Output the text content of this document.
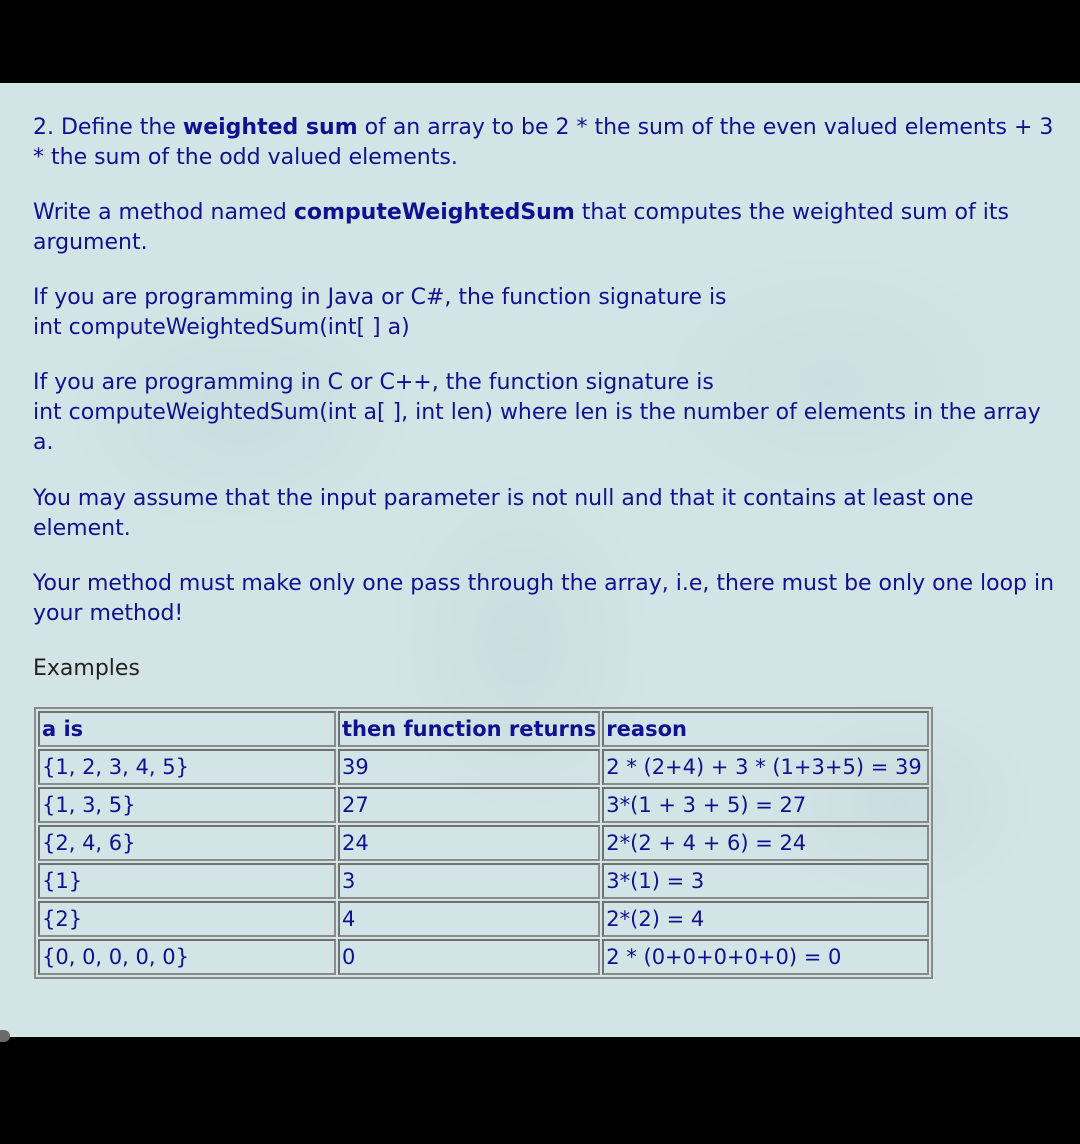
2. Define the weighted sum of an array to be 2 * the sum of the even valued elements + 3 * the sum of the odd valued elements.

Write a method named computeWeightedSum that computes the weighted sum of its argument.

If you are programming in Java or C#, the function signature is
int computeWeightedSum(int[ ] a)

If you are programming in C or C++, the function signature is
int computeWeightedSum(int a[ ], int len) where len is the number of elements in the array a.

You may assume that the input parameter is not null and that it contains at least one element.

Your method must make only one pass through the array, i.e, there must be only one loop in your method!

Examples

a is	then function returns	reason
{1, 2, 3, 4, 5}	39	2 * (2+4) + 3 * (1+3+5) = 39
{1, 3, 5}	27	3*(1 + 3 + 5) = 27
{2, 4, 6}	24	2*(2 + 4 + 6) = 24
{1}	3	3*(1) = 3
{2}	4	2*(2) = 4
{0, 0, 0, 0, 0}	0	2 * (0+0+0+0+0) = 0
